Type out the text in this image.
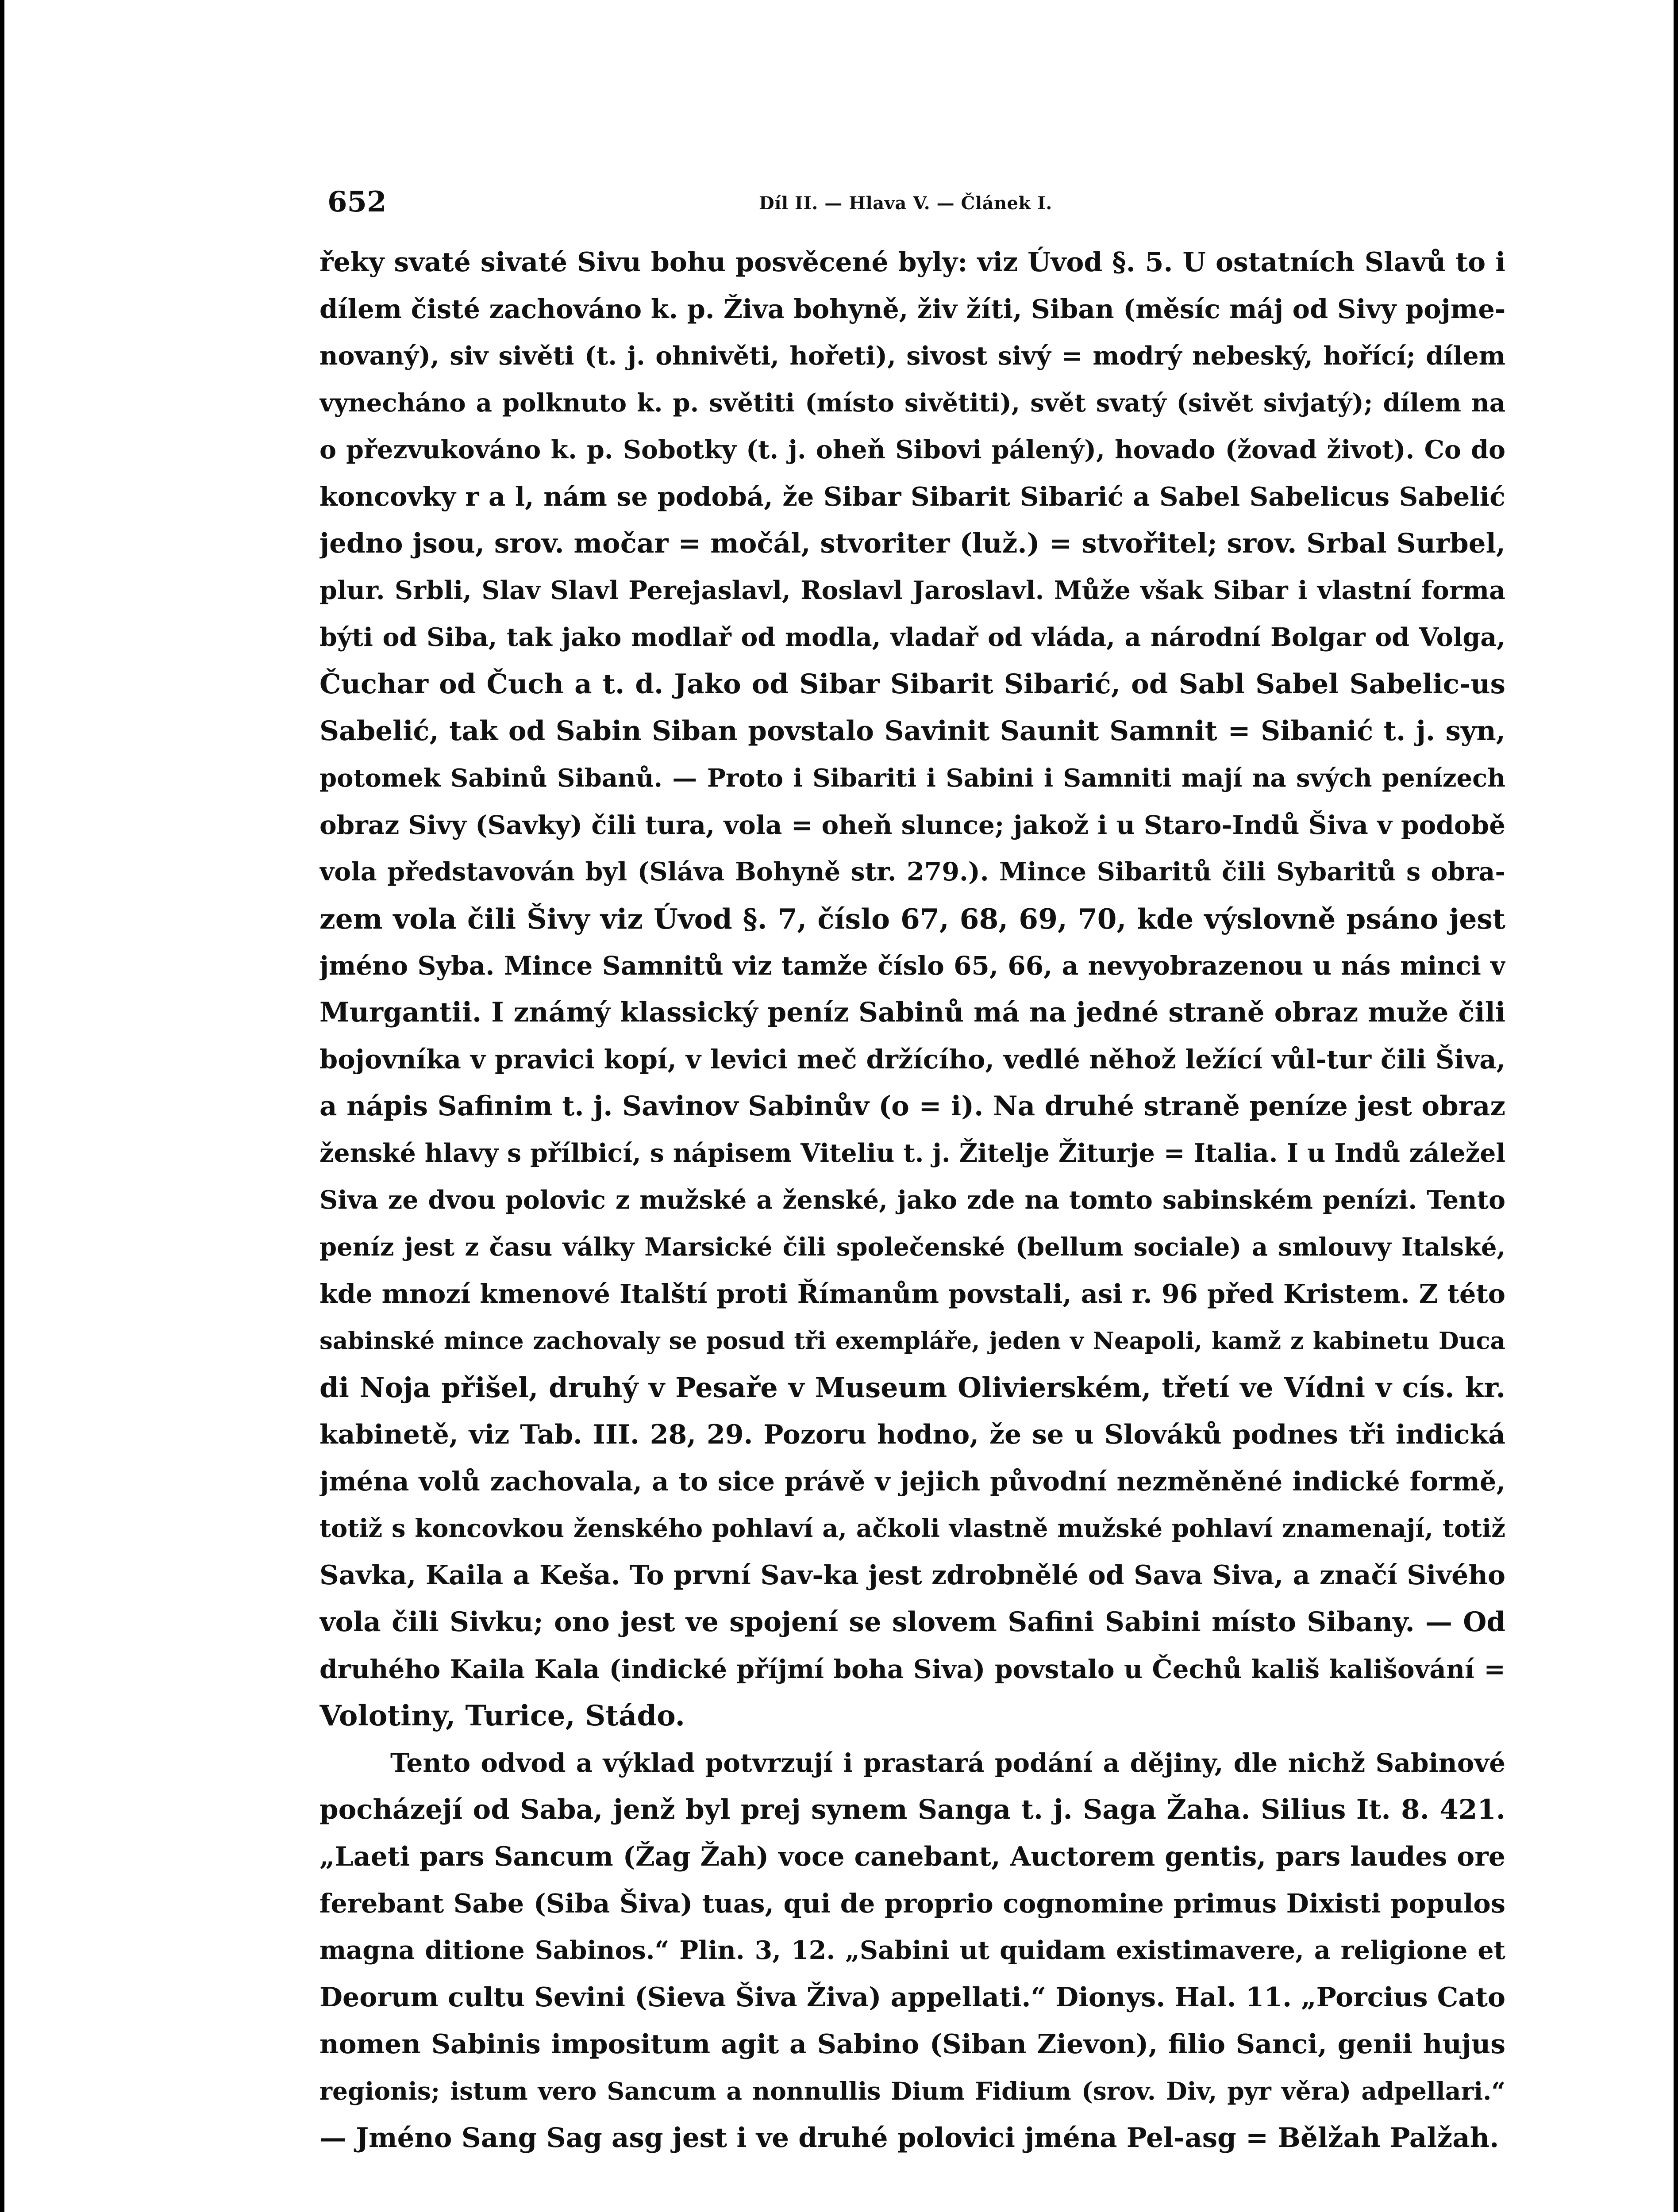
652	Díl II. — Hlava V. — Článek I.
řeky svaté sivaté Sivu bohu posvěcené byly: viz Úvod §. 5. U ostatních Slavů to i
dílem čisté zachováno k. p. Živa bohyně, živ žíti, Siban (měsíc máj od Sivy pojme-
novaný), siv sivěti (t. j. ohnivěti, hořeti), sivost sivý = modrý nebeský, hořící; dílem
vynecháno a polknuto k. p. světiti (místo sivětiti), svět svatý (sivět sivjatý); dílem na
o přezvukováno k. p. Sobotky (t. j. oheň Sibovi pálený), hovado (žovad život). Co do
koncovky r a l, nám se podobá, že Sibar Sibarit Sibarić a Sabel Sabelicus Sabelić
jedno jsou, srov. močar = močál, stvoriter (luž.) = stvořitel; srov. Srbal Surbel,
plur. Srbli, Slav Slavl Perejaslavl, Roslavl Jaroslavl. Může však Sibar i vlastní forma
býti od Siba, tak jako modlař od modla, vladař od vláda, a národní Bolgar od Volga,
Čuchar od Čuch a t. d. Jako od Sibar Sibarit Sibarić, od Sabl Sabel Sabelic-us
Sabelić, tak od Sabin Siban povstalo Savinit Saunit Samnit = Sibanić t. j. syn,
potomek Sabinů Sibanů. — Proto i Sibariti i Sabini i Samniti mají na svých penízech
obraz Sivy (Savky) čili tura, vola = oheň slunce; jakož i u Staro-Indů Šiva v podobě
vola představován byl (Sláva Bohyně str. 279.). Mince Sibaritů čili Sybaritů s obra-
zem vola čili Šivy viz Úvod §. 7, číslo 67, 68, 69, 70, kde výslovně psáno jest
jméno Syba. Mince Samnitů viz tamže číslo 65, 66, a nevyobrazenou u nás minci v
Murgantii. I známý klassický peníz Sabinů má na jedné straně obraz muže čili
bojovníka v pravici kopí, v levici meč držícího, vedlé něhož ležící vůl-tur čili Šiva,
a nápis Safinim t. j. Savinov Sabinův (o = i). Na druhé straně peníze jest obraz
ženské hlavy s přílbicí, s nápisem Viteliu t. j. Žitelje Žiturje = Italia. I u Indů záležel
Siva ze dvou polovic z mužské a ženské, jako zde na tomto sabinském penízi. Tento
peníz jest z času války Marsické čili společenské (bellum sociale) a smlouvy Italské,
kde mnozí kmenové Italští proti Římanům povstali, asi r. 96 před Kristem. Z této
sabinské mince zachovaly se posud tři exempláře, jeden v Neapoli, kamž z kabinetu Duca
di Noja přišel, druhý v Pesaře v Museum Olivierském, třetí ve Vídni v cís. kr.
kabinetě, viz Tab. III. 28, 29. Pozoru hodno, že se u Slováků podnes tři indická
jména volů zachovala, a to sice právě v jejich původní nezměněné indické formě,
totiž s koncovkou ženského pohlaví a, ačkoli vlastně mužské pohlaví znamenají, totiž
Savka, Kaila a Keša. To první Sav-ka jest zdrobnělé od Sava Siva, a značí Sivého
vola čili Sivku; ono jest ve spojení se slovem Safini Sabini místo Sibany. — Od
druhého Kaila Kala (indické příjmí boha Siva) povstalo u Čechů kališ kališování =
Volotiny, Turice, Stádo.
Tento odvod a výklad potvrzují i prastará podání a dějiny, dle nichž Sabinové
pocházejí od Saba, jenž byl prej synem Sanga t. j. Saga Žaha. Silius It. 8. 421.
„Laeti pars Sancum (Žag Žah) voce canebant, Auctorem gentis, pars laudes ore
ferebant Sabe (Siba Šiva) tuas, qui de proprio cognomine primus Dixisti populos
magna ditione Sabinos.“ Plin. 3, 12. „Sabini ut quidam existimavere, a religione et
Deorum cultu Sevini (Sieva Šiva Živa) appellati.“ Dionys. Hal. 11. „Porcius Cato
nomen Sabinis impositum agit a Sabino (Siban Zievon), filio Sanci, genii hujus
regionis; istum vero Sancum a nonnullis Dium Fidium (srov. Div, pyr věra) adpellari.“
— Jméno Sang Sag asg jest i ve druhé polovici jména Pel-asg = Bělžah Palžah.
